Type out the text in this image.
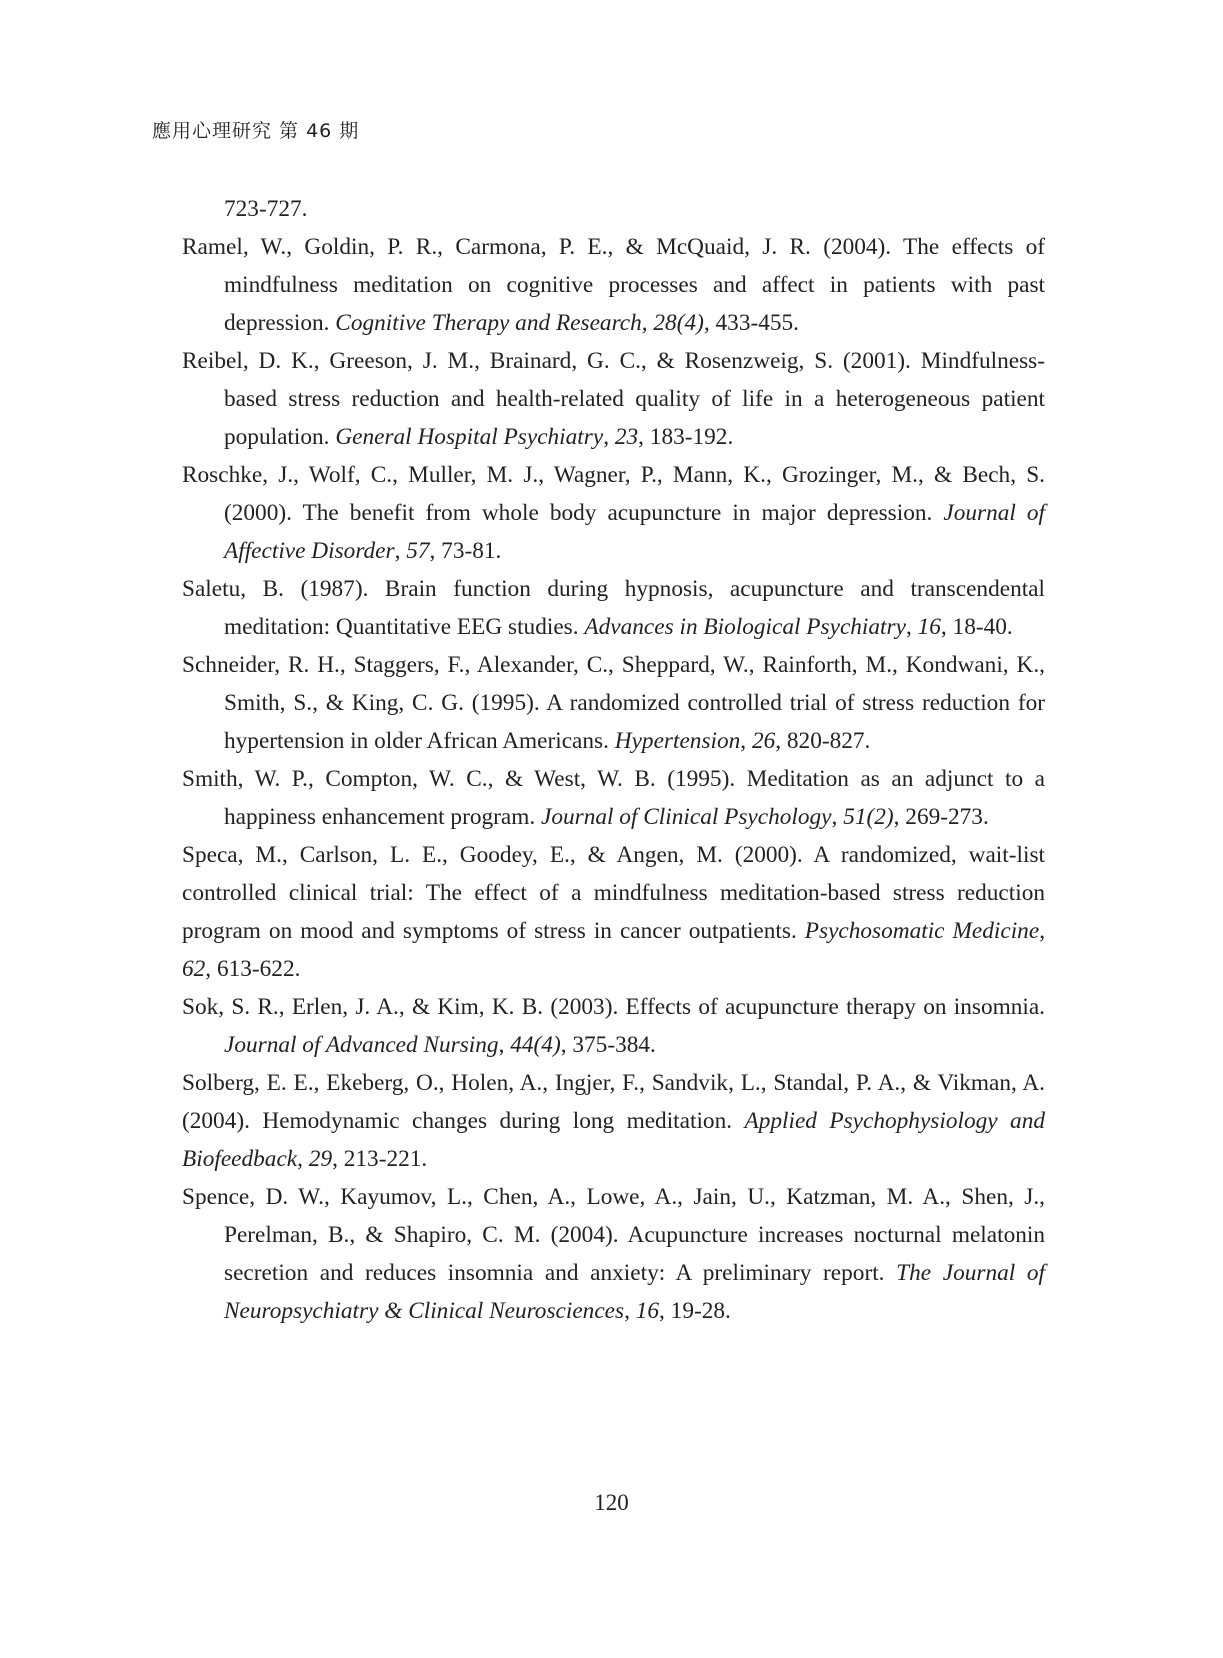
應用心理研究 第 46 期

723-727.

Ramel, W., Goldin, P. R., Carmona, P. E., & McQuaid, J. R. (2004). The effects of mindfulness meditation on cognitive processes and affect in patients with past depression. Cognitive Therapy and Research, 28(4), 433-455.

Reibel, D. K., Greeson, J. M., Brainard, G. C., & Rosenzweig, S. (2001). Mindfulness-based stress reduction and health-related quality of life in a heterogeneous patient population. General Hospital Psychiatry, 23, 183-192.

Roschke, J., Wolf, C., Muller, M. J., Wagner, P., Mann, K., Grozinger, M., & Bech, S. (2000). The benefit from whole body acupuncture in major depression. Journal of Affective Disorder, 57, 73-81.

Saletu, B. (1987). Brain function during hypnosis, acupuncture and transcendental meditation: Quantitative EEG studies. Advances in Biological Psychiatry, 16, 18-40.

Schneider, R. H., Staggers, F., Alexander, C., Sheppard, W., Rainforth, M., Kondwani, K., Smith, S., & King, C. G. (1995). A randomized controlled trial of stress reduction for hypertension in older African Americans. Hypertension, 26, 820-827.

Smith, W. P., Compton, W. C., & West, W. B. (1995). Meditation as an adjunct to a happiness enhancement program. Journal of Clinical Psychology, 51(2), 269-273.

Speca, M., Carlson, L. E., Goodey, E., & Angen, M. (2000). A randomized, wait-list controlled clinical trial: The effect of a mindfulness meditation-based stress reduction program on mood and symptoms of stress in cancer outpatients. Psychosomatic Medicine, 62, 613-622.

Sok, S. R., Erlen, J. A., & Kim, K. B. (2003). Effects of acupuncture therapy on insomnia. Journal of Advanced Nursing, 44(4), 375-384.

Solberg, E. E., Ekeberg, O., Holen, A., Ingjer, F., Sandvik, L., Standal, P. A., & Vikman, A. (2004). Hemodynamic changes during long meditation. Applied Psychophysiology and Biofeedback, 29, 213-221.

Spence, D. W., Kayumov, L., Chen, A., Lowe, A., Jain, U., Katzman, M. A., Shen, J., Perelman, B., & Shapiro, C. M. (2004). Acupuncture increases nocturnal melatonin secretion and reduces insomnia and anxiety: A preliminary report. The Journal of Neuropsychiatry & Clinical Neurosciences, 16, 19-28.

120
